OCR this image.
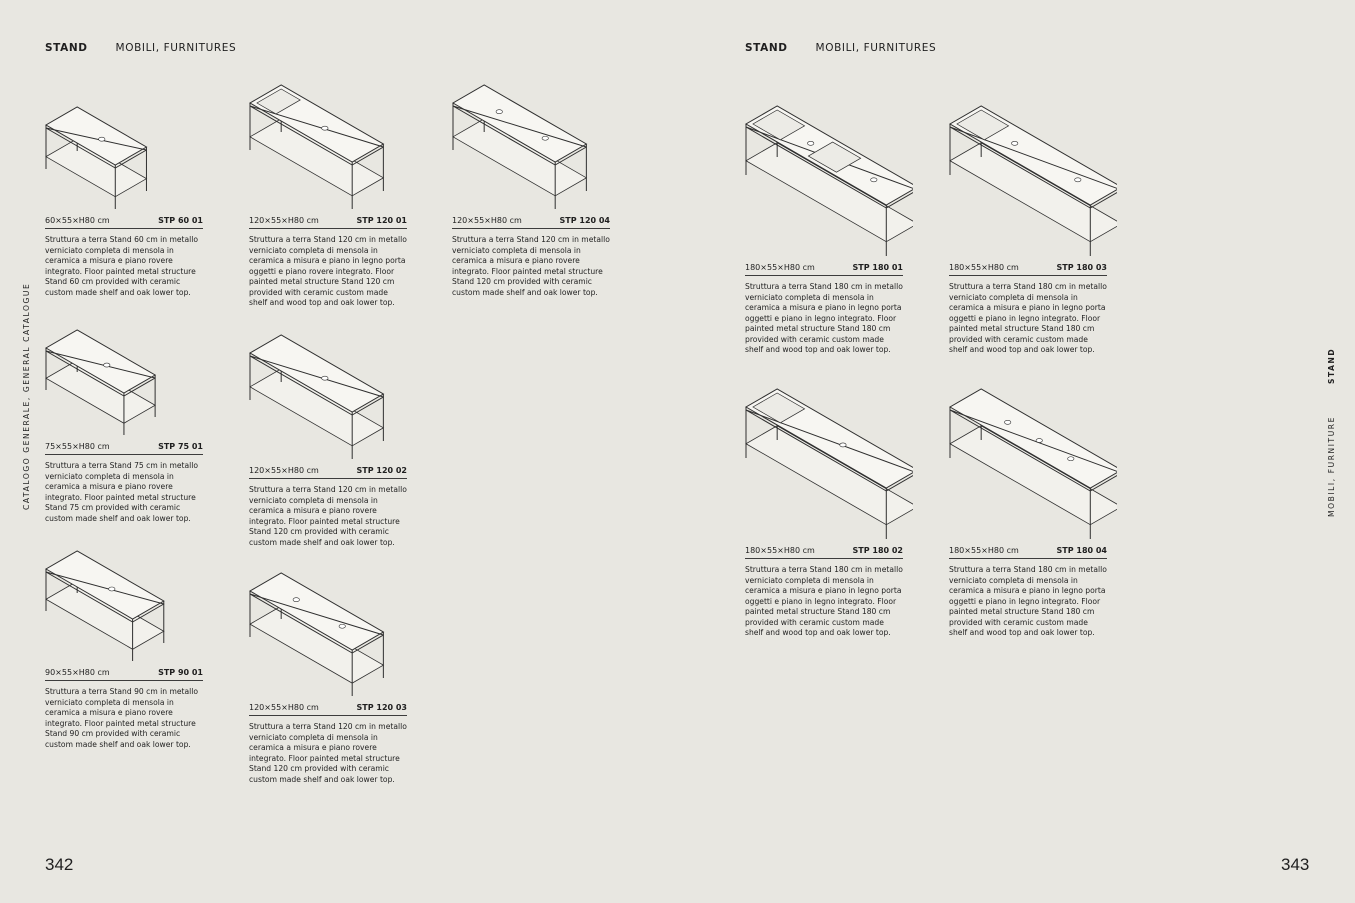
STAND	MOBILI, FURNITURES	STAND	MOBILI, FURNITURES
CATALOGO GENERALE, GENERAL CATALOGUE	STAND
MOBILI, FURNITURE
342	343
60×55×H80 cm	STP 60 01
Struttura a terra Stand 60 cm in metallo verniciato completa di mensola in ceramica a misura e piano rovere integrato. Floor painted metal structure Stand 60 cm provided with ceramic custom made shelf and oak lower top.
75×55×H80 cm	STP 75 01
Struttura a terra Stand 75 cm in metallo verniciato completa di mensola in ceramica a misura e piano rovere integrato. Floor painted metal structure Stand 75 cm provided with ceramic custom made shelf and oak lower top.
90×55×H80 cm	STP 90 01
Struttura a terra Stand 90 cm in metallo verniciato completa di mensola in ceramica a misura e piano rovere integrato. Floor painted metal structure Stand 90 cm provided with ceramic custom made shelf and oak lower top.
120×55×H80 cm	STP 120 01
Struttura a terra Stand 120 cm in metallo verniciato completa di mensola in ceramica a misura e piano in legno porta oggetti e piano rovere integrato. Floor painted metal structure Stand 120 cm provided with ceramic custom made shelf and wood top and oak lower top.
120×55×H80 cm	STP 120 02
Struttura a terra Stand 120 cm in metallo verniciato completa di mensola in ceramica a misura e piano rovere integrato. Floor painted metal structure Stand 120 cm provided with ceramic custom made shelf and oak lower top.
120×55×H80 cm	STP 120 03
Struttura a terra Stand 120 cm in metallo verniciato completa di mensola in ceramica a misura e piano rovere integrato. Floor painted metal structure Stand 120 cm provided with ceramic custom made shelf and oak lower top.
120×55×H80 cm	STP 120 04
Struttura a terra Stand 120 cm in metallo verniciato completa di mensola in ceramica a misura e piano rovere integrato. Floor painted metal structure Stand 120 cm provided with ceramic custom made shelf and oak lower top.
180×55×H80 cm	STP 180 01
Struttura a terra Stand 180 cm in metallo verniciato completa di mensola in ceramica a misura e piano in legno porta oggetti e piano in legno integrato. Floor painted metal structure Stand 180 cm provided with ceramic custom made shelf and wood top and oak lower top.
180×55×H80 cm	STP 180 03
Struttura a terra Stand 180 cm in metallo verniciato completa di mensola in ceramica a misura e piano in legno porta oggetti e piano in legno integrato. Floor painted metal structure Stand 180 cm provided with ceramic custom made shelf and wood top and oak lower top.
180×55×H80 cm	STP 180 02
Struttura a terra Stand 180 cm in metallo verniciato completa di mensola in ceramica a misura e piano in legno porta oggetti e piano in legno integrato. Floor painted metal structure Stand 180 cm provided with ceramic custom made shelf and wood top and oak lower top.
180×55×H80 cm	STP 180 04
Struttura a terra Stand 180 cm in metallo verniciato completa di mensola in ceramica a misura e piano in legno porta oggetti e piano in legno integrato. Floor painted metal structure Stand 180 cm provided with ceramic custom made shelf and wood top and oak lower top.
